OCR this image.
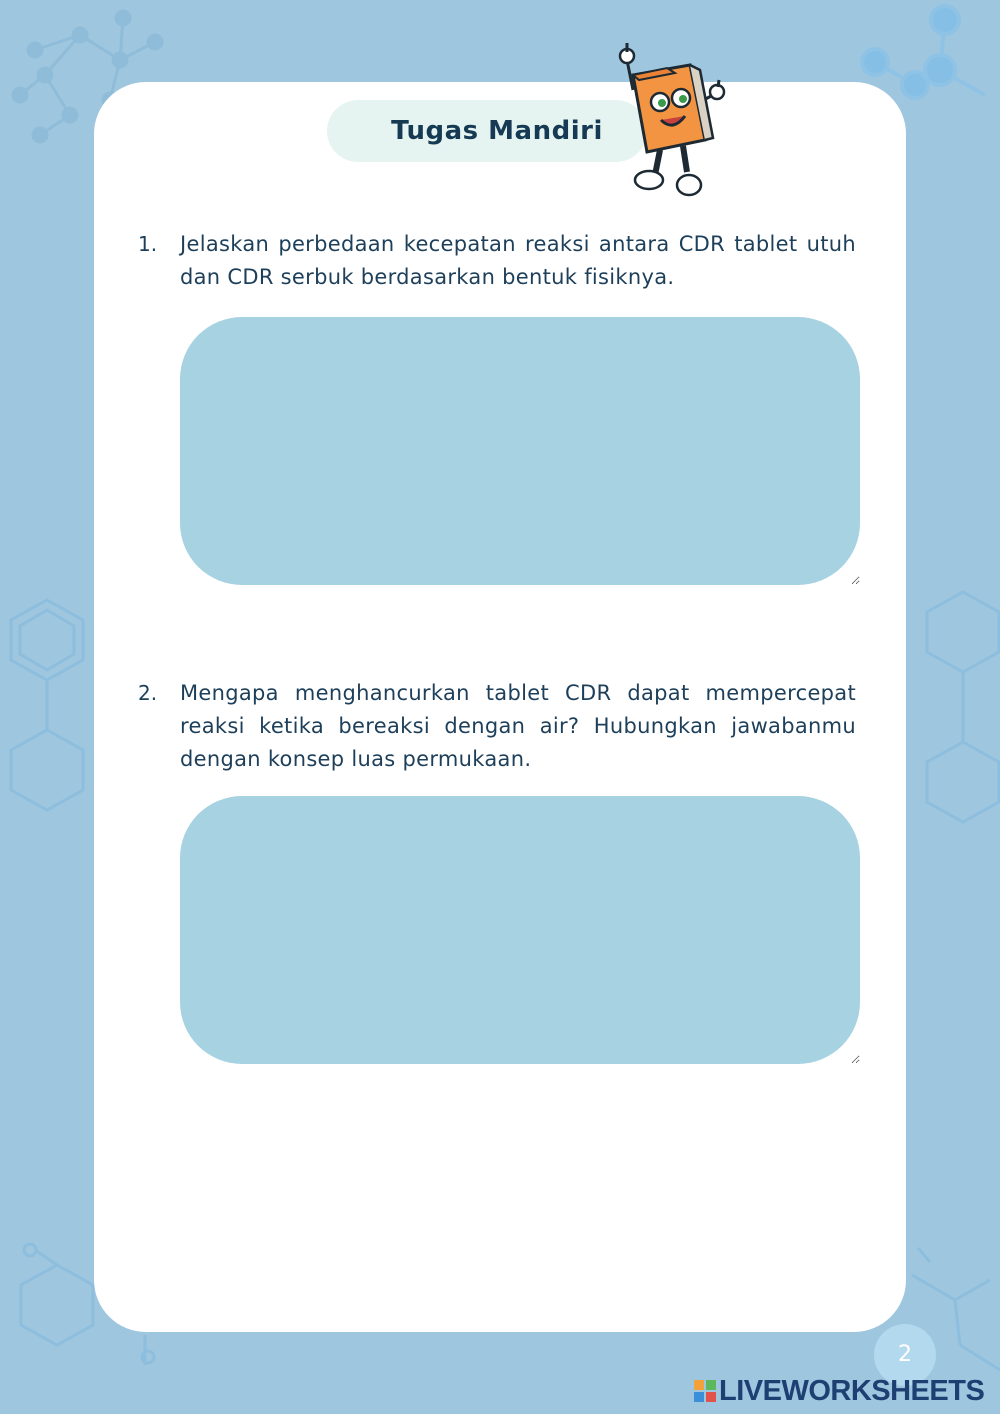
Tugas Mandiri
1. Jelaskan perbedaan kecepatan reaksi antara CDR tablet utuh dan CDR serbuk berdasarkan bentuk fisiknya.
2. Mengapa menghancurkan tablet CDR dapat mempercepat reaksi ketika bereaksi dengan air? Hubungkan jawabanmu dengan konsep luas permukaan.
2
LIVEWORKSHEETS
